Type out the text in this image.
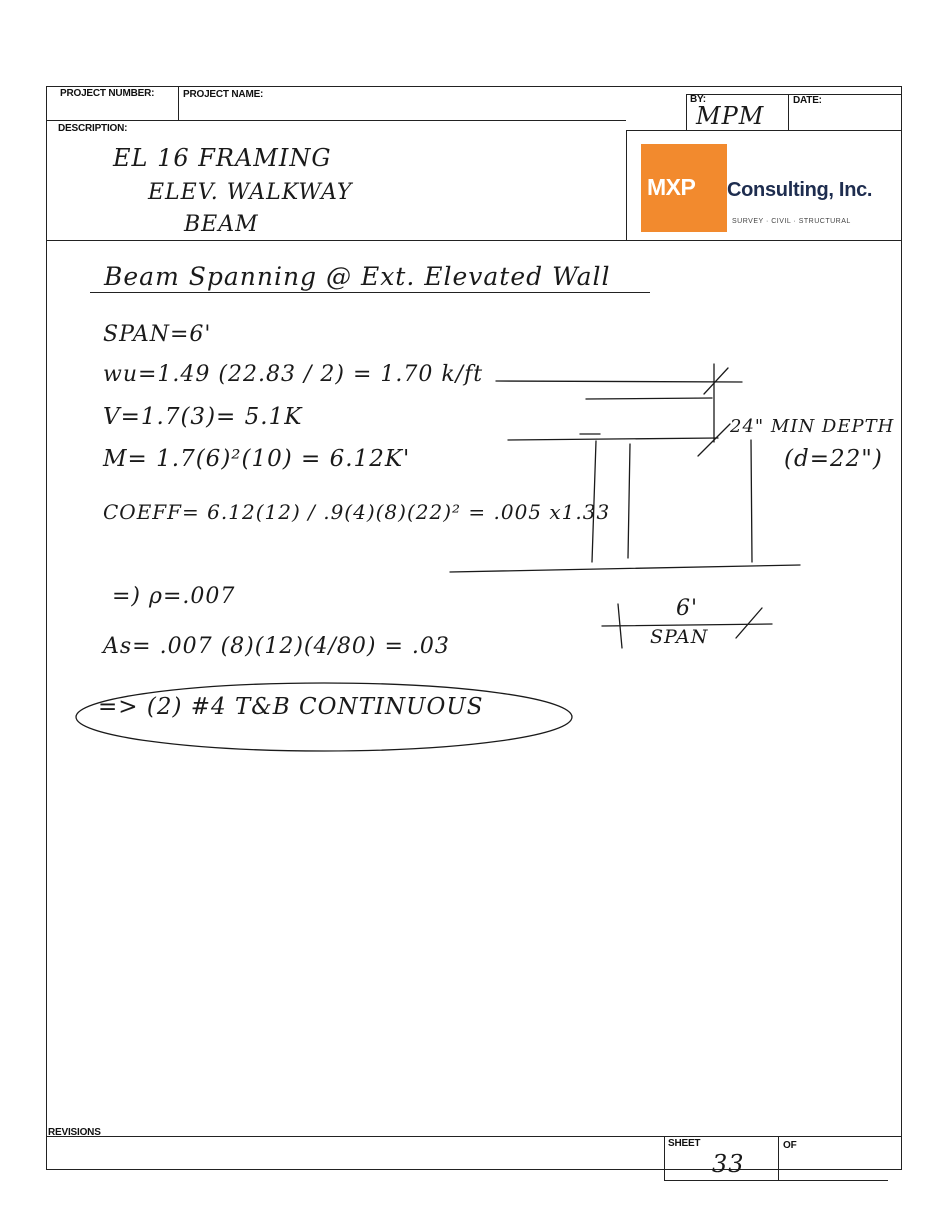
PROJECT NUMBER:	PROJECT NAME:	BY:
MPM
DATE:
DESCRIPTION:
EL 16 FRAMING
ELEV. WALKWAY
BEAM
MXP Consulting, Inc.
SURVEY · CIVIL · STRUCTURAL
Beam Spanning @ Ext. Elevated Wall
SPAN=6'
wu=1.49 (22.83 / 2) = 1.70 k/ft
V=1.7(3)= 5.1K
M= 1.7(6)²(10) = 6.12K'
COEFF= 6.12(12) / .9(4)(8)(22)² = .005 x1.33
=) ρ=.007
As= .007 (8)(12)(4/80) = .03
=> (2) #4 T&B CONTINUOUS
24" MIN DEPTH
(d=22")
6'
SPAN
REVISIONS
SHEET
33
OF
